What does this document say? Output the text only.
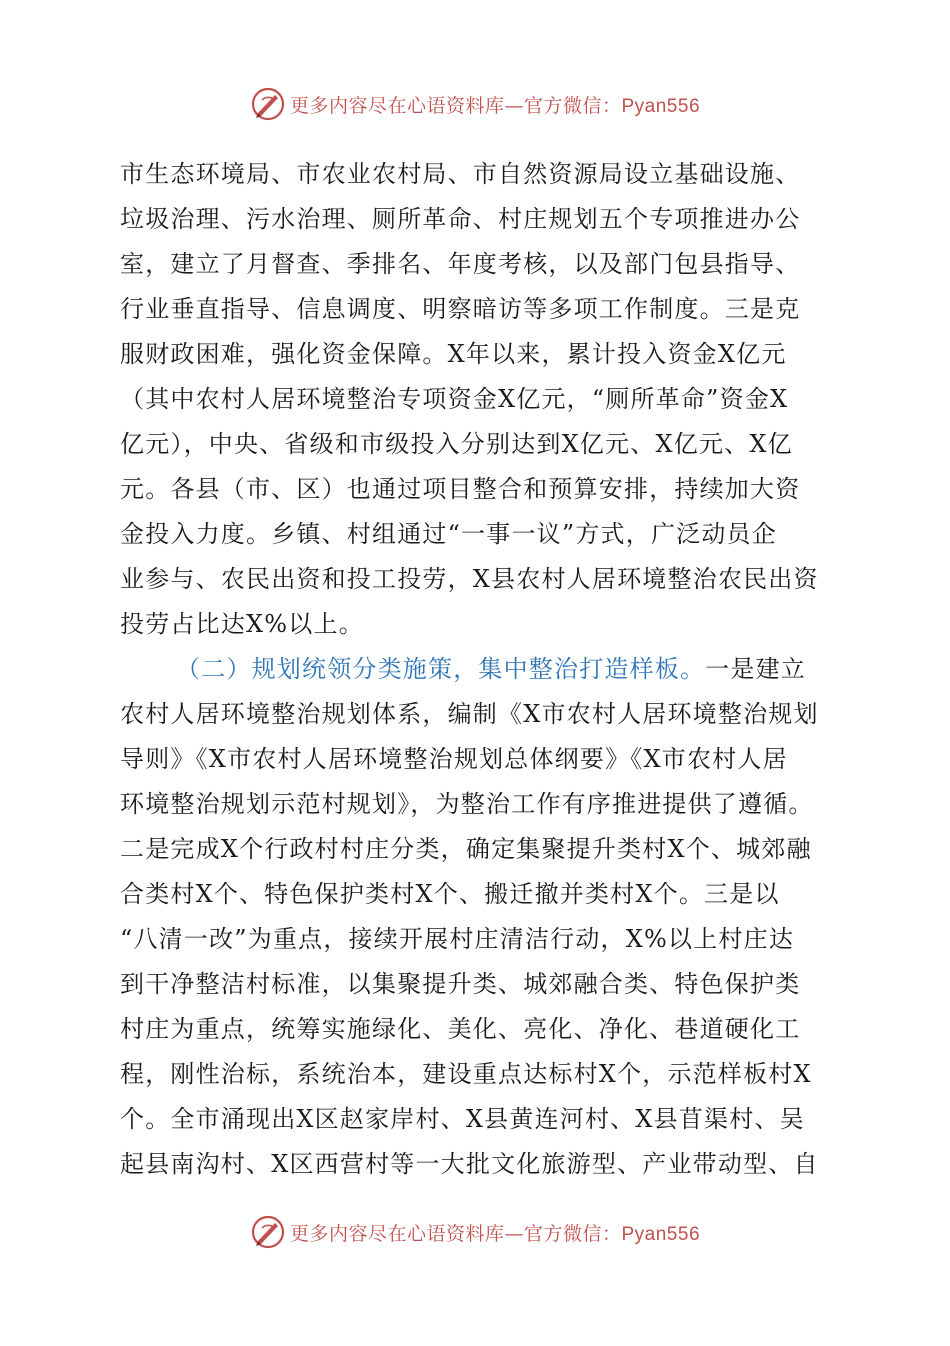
更多内容尽在心语资料库—官方微信：Pyan556
市生态环境局、市农业农村局、市自然资源局设立基础设施、
垃圾治理、污水治理、厕所革命、村庄规划五个专项推进办公
室，建立了月督查、季排名、年度考核，以及部门包县指导、
行业垂直指导、信息调度、明察暗访等多项工作制度。三是克
服财政困难，强化资金保障。X年以来，累计投入资金X亿元
（其中农村人居环境整治专项资金X亿元，“厕所革命”资金X
亿元），中央、省级和市级投入分别达到X亿元、X亿元、X亿
元。各县（市、区）也通过项目整合和预算安排，持续加大资
金投入力度。乡镇、村组通过“一事一议”方式，广泛动员企
业参与、农民出资和投工投劳，X县农村人居环境整治农民出资
投劳占比达X%以上。
（二）规划统领分类施策，集中整治打造样板。一是建立
农村人居环境整治规划体系，编制《X市农村人居环境整治规划
导则》《X市农村人居环境整治规划总体纲要》《X市农村人居
环境整治规划示范村规划》，为整治工作有序推进提供了遵循。
二是完成X个行政村村庄分类，确定集聚提升类村X个、城郊融
合类村X个、特色保护类村X个、搬迁撤并类村X个。三是以
“八清一改”为重点，接续开展村庄清洁行动，X%以上村庄达
到干净整洁村标准，以集聚提升类、城郊融合类、特色保护类
村庄为重点，统筹实施绿化、美化、亮化、净化、巷道硬化工
程，刚性治标，系统治本，建设重点达标村X个，示范样板村X
个。全市涌现出X区赵家岸村、X县黄连河村、X县苜渠村、吴
起县南沟村、X区西营村等一大批文化旅游型、产业带动型、自
更多内容尽在心语资料库—官方微信：Pyan556
